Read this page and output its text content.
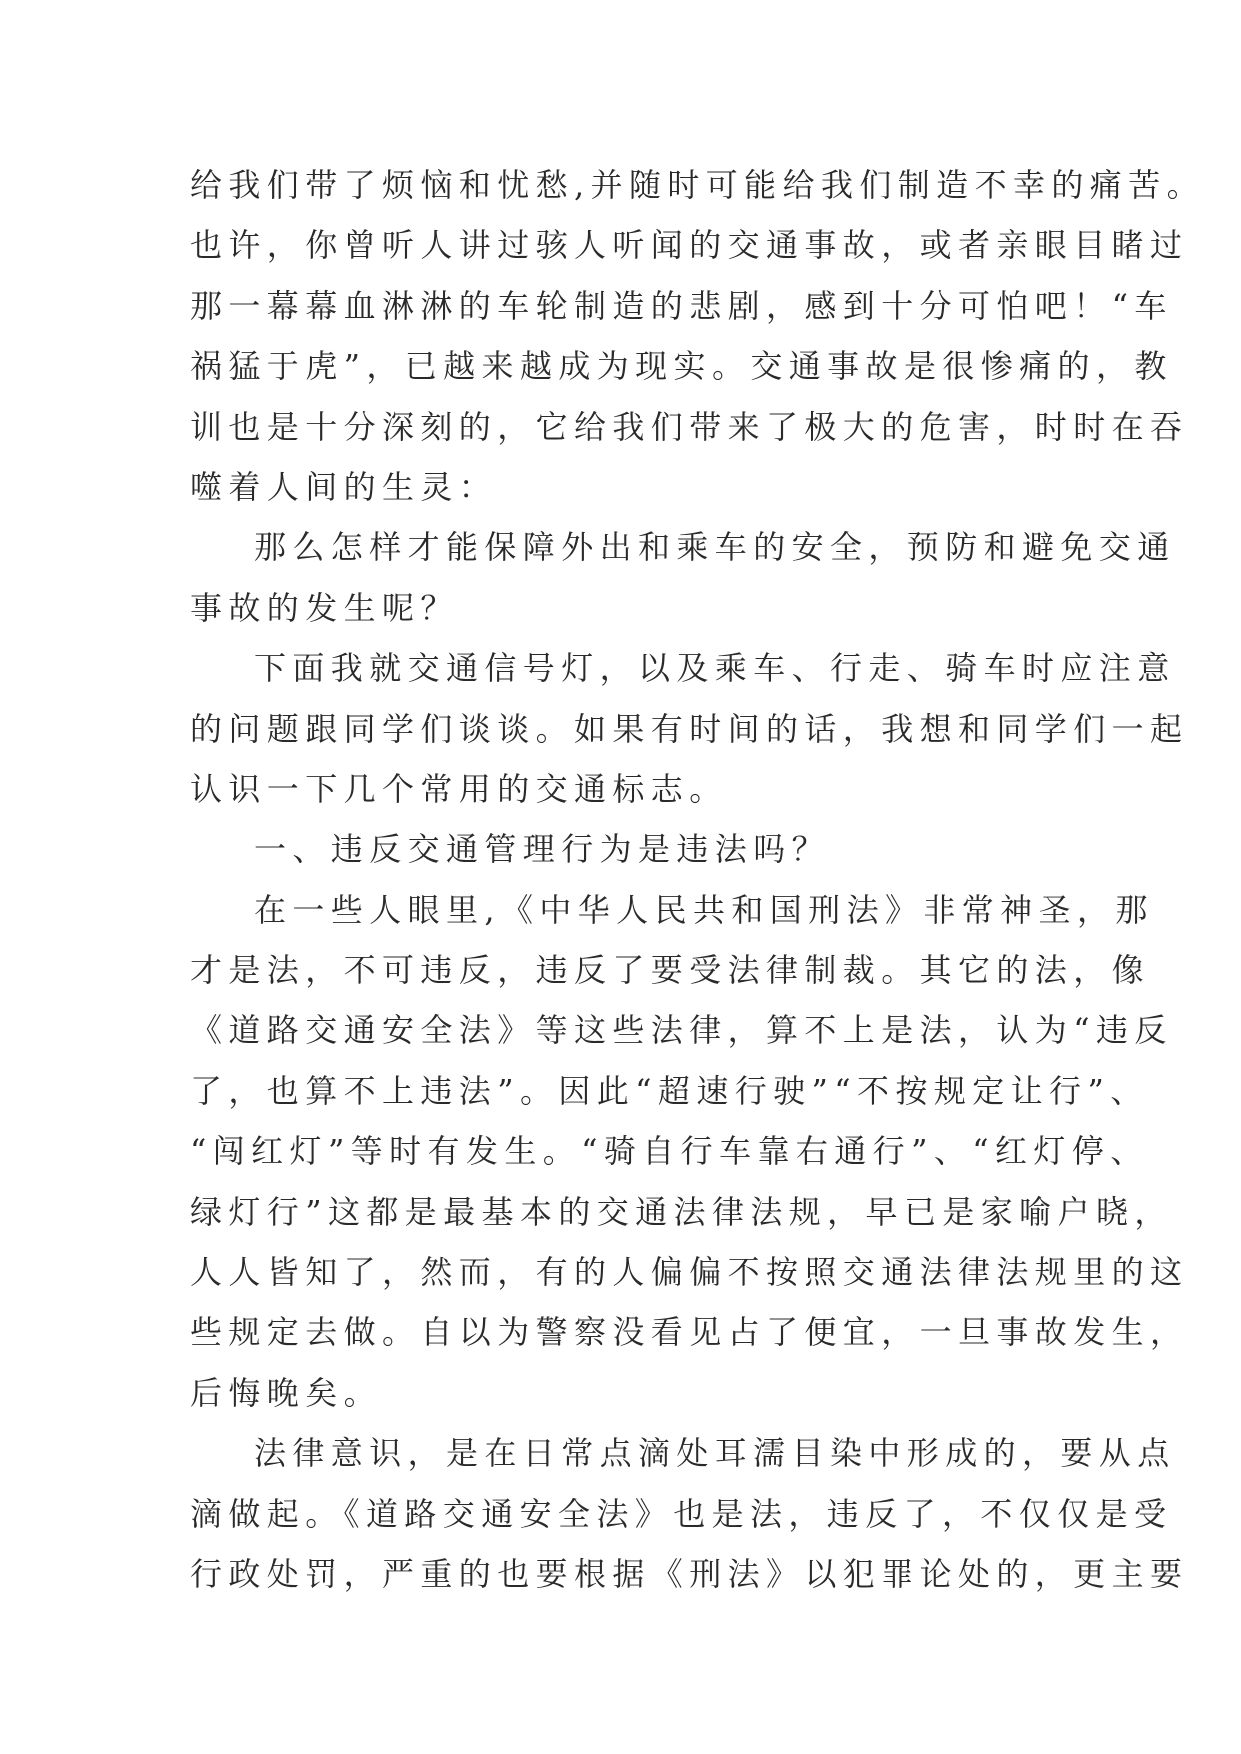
给我们带了烦恼和忧愁,并随时可能给我们制造不幸的痛苦。

也许，你曾听人讲过骇人听闻的交通事故，或者亲眼目睹过

那一幕幕血淋淋的车轮制造的悲剧，感到十分可怕吧！“车

祸猛于虎”，已越来越成为现实。交通事故是很惨痛的，教

训也是十分深刻的，它给我们带来了极大的危害，时时在吞

噬着人间的生灵：

那么怎样才能保障外出和乘车的安全，预防和避免交通

事故的发生呢？

下面我就交通信号灯，以及乘车、行走、骑车时应注意

的问题跟同学们谈谈。如果有时间的话，我想和同学们一起

认识一下几个常用的交通标志。

一、违反交通管理行为是违法吗？

在一些人眼里,《中华人民共和国刑法》非常神圣，那

才是法，不可违反，违反了要受法律制裁。其它的法，像

《道路交通安全法》等这些法律，算不上是法，认为“违反

了，也算不上违法”。因此“超速行驶”“不按规定让行”、

“闯红灯”等时有发生。“骑自行车靠右通行”、“红灯停、

绿灯行”这都是最基本的交通法律法规，早已是家喻户晓，

人人皆知了，然而，有的人偏偏不按照交通法律法规里的这

些规定去做。自以为警察没看见占了便宜，一旦事故发生，

后悔晚矣。

法律意识，是在日常点滴处耳濡目染中形成的，要从点

滴做起。《道路交通安全法》也是法，违反了，不仅仅是受

行政处罚，严重的也要根据《刑法》以犯罪论处的，更主要
